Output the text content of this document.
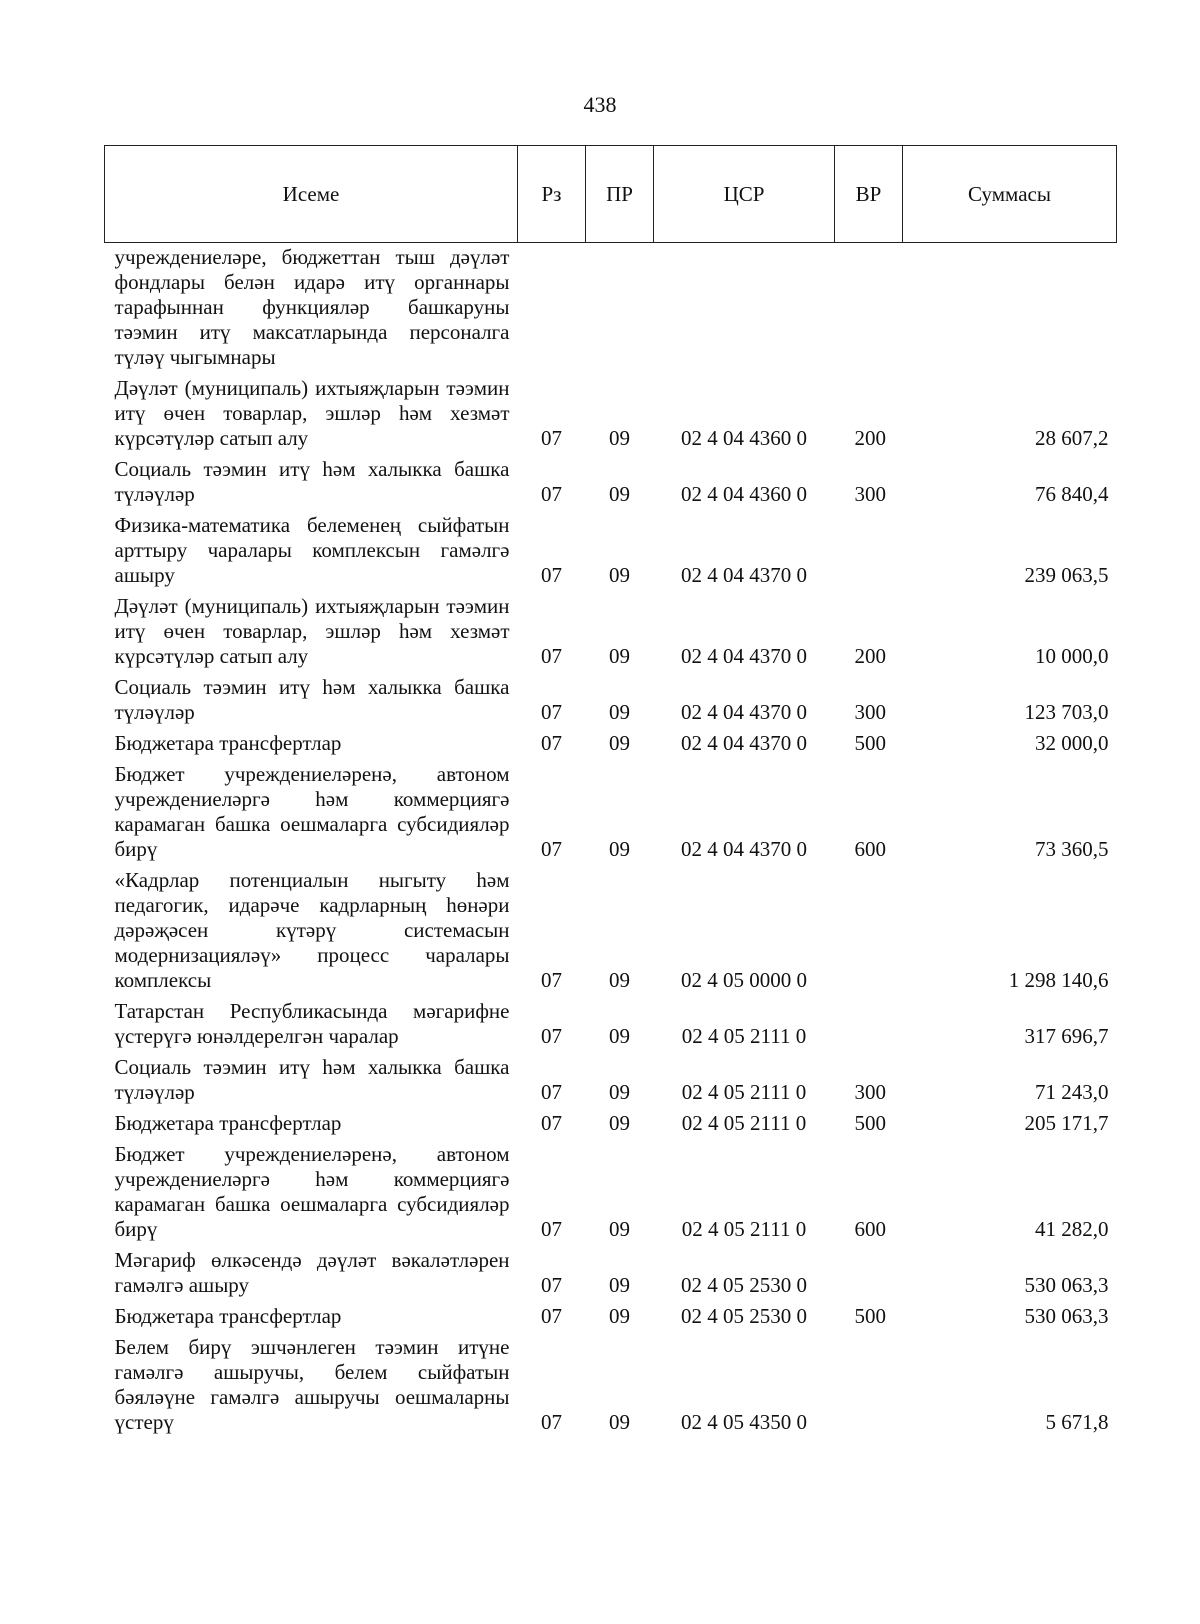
438
Исеме	Рз	ПР	ЦСР	ВР	Суммасы
учреждениеләре, бюджеттан тыш дәүләт фондлары белән идарә итү органнары тарафыннан функцияләр башкаруны тәэмин итү максатларында персоналга түләү чыгымнары					
Дәүләт (муниципаль) ихтыяҗларын тәэмин итү өчен товарлар, эшләр һәм хезмәт күрсәтүләр сатып алу	07	09	02 4 04 4360 0	200	28 607,2
Социаль тәэмин итү һәм халыкка башка түләүләр	07	09	02 4 04 4360 0	300	76 840,4
Физика-математика белеменең сыйфатын арттыру чаралары комплексын гамәлгә ашыру	07	09	02 4 04 4370 0		239 063,5
Дәүләт (муниципаль) ихтыяҗларын тәэмин итү өчен товарлар, эшләр һәм хезмәт күрсәтүләр сатып алу	07	09	02 4 04 4370 0	200	10 000,0
Социаль тәэмин итү һәм халыкка башка түләүләр	07	09	02 4 04 4370 0	300	123 703,0
Бюджетара трансфертлар	07	09	02 4 04 4370 0	500	32 000,0
Бюджет учреждениеләренә, автоном учреждениеләргә һәм коммерциягә карамаган башка оешмаларга субсидияләр бирү	07	09	02 4 04 4370 0	600	73 360,5
«Кадрлар потенциалын ныгыту һәм педагогик, идарәче кадрларның һөнәри дәрәҗәсен күтәрү системасын модернизацияләү» процесс чаралары комплексы	07	09	02 4 05 0000 0		1 298 140,6
Татарстан Республикасында мәгарифне үстерүгә юнәлдерелгән чаралар	07	09	02 4 05 2111 0		317 696,7
Социаль тәэмин итү һәм халыкка башка түләүләр	07	09	02 4 05 2111 0	300	71 243,0
Бюджетара трансфертлар	07	09	02 4 05 2111 0	500	205 171,7
Бюджет учреждениеләренә, автоном учреждениеләргә һәм коммерциягә карамаган башка оешмаларга субсидияләр бирү	07	09	02 4 05 2111 0	600	41 282,0
Мәгариф өлкәсендә дәүләт вәкаләтләрен гамәлгә ашыру	07	09	02 4 05 2530 0		530 063,3
Бюджетара трансфертлар	07	09	02 4 05 2530 0	500	530 063,3
Белем бирү эшчәнлеген тәэмин итүне гамәлгә ашыручы, белем сыйфатын бәяләүне гамәлгә ашыручы оешмаларны үстерү	07	09	02 4 05 4350 0		5 671,8
